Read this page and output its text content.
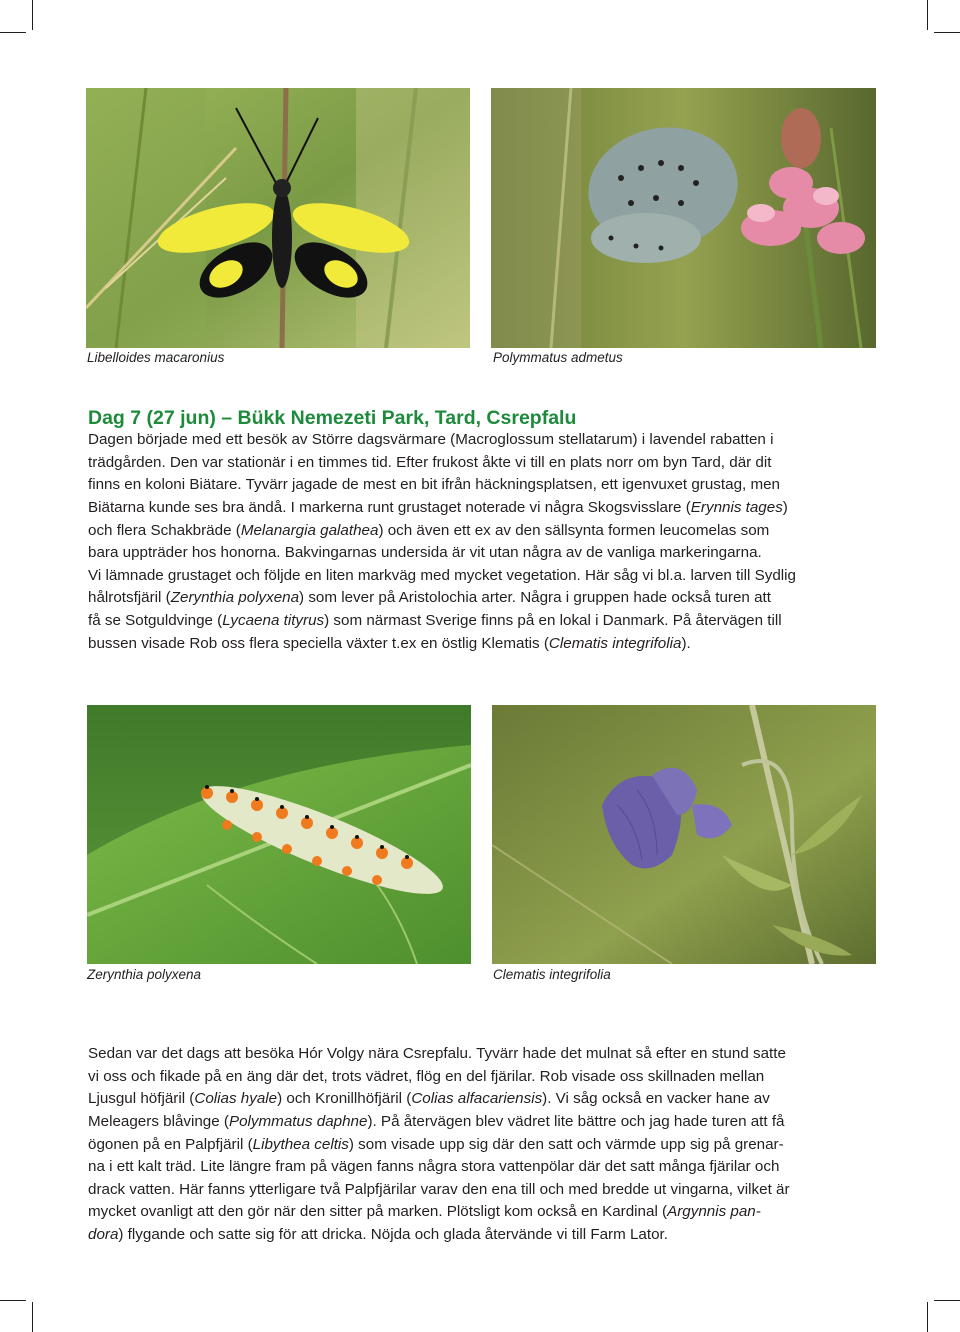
Libelloides macaronius	Polymmatus admetus
Dag 7 (27 jun) – Bükk Nemezeti Park, Tard, Csrepfalu
Dagen började med ett besök av Större dagsvärmare (Macroglossum stellatarum) i lavendel rabatten i
trädgården. Den var stationär i en timmes tid. Efter frukost åkte vi till en plats norr om byn Tard, där dit
finns en koloni Biätare. Tyvärr jagade de mest en bit ifrån häckningsplatsen, ett igenvuxet grustag, men
Biätarna kunde ses bra ändå. I markerna runt grustaget noterade vi några Skogsvisslare (Erynnis tages)
och flera Schakbräde (Melanargia galathea) och även ett ex av den sällsynta formen leucomelas som
bara uppträder hos honorna. Bakvingarnas undersida är vit utan några av de vanliga markeringarna.
Vi lämnade grustaget och följde en liten markväg med mycket vegetation. Här såg vi bl.a. larven till Sydlig
hålrotsfjäril (Zerynthia polyxena) som lever på Aristolochia arter. Några i gruppen hade också turen att
få se Sotguldvinge (Lycaena tityrus) som närmast Sverige finns på en lokal i Danmark. På återvägen till
bussen visade Rob oss flera speciella växter t.ex en östlig Klematis (Clematis integrifolia).
Zerynthia polyxena	Clematis integrifolia
Sedan var det dags att besöka Hór Volgy nära Csrepfalu. Tyvärr hade det mulnat så efter en stund satte
vi oss och fikade på en äng där det, trots vädret, flög en del fjärilar. Rob visade oss skillnaden mellan
Ljusgul höfjäril (Colias hyale) och Kronillhöfjäril (Colias alfacariensis). Vi såg också en vacker hane av
Meleagers blåvinge (Polymmatus daphne). På återvägen blev vädret lite bättre och jag hade turen att få
ögonen på en Palpfjäril (Libythea celtis) som visade upp sig där den satt och värmde upp sig på grenar-
na i ett kalt träd. Lite längre fram på vägen fanns några stora vattenpölar där det satt många fjärilar och
drack vatten. Här fanns ytterligare två Palpfjärilar varav den ena till och med bredde ut vingarna, vilket är
mycket ovanligt att den gör när den sitter på marken. Plötsligt kom också en Kardinal (Argynnis pan-
dora) flygande och satte sig för att dricka. Nöjda och glada återvände vi till Farm Lator.
